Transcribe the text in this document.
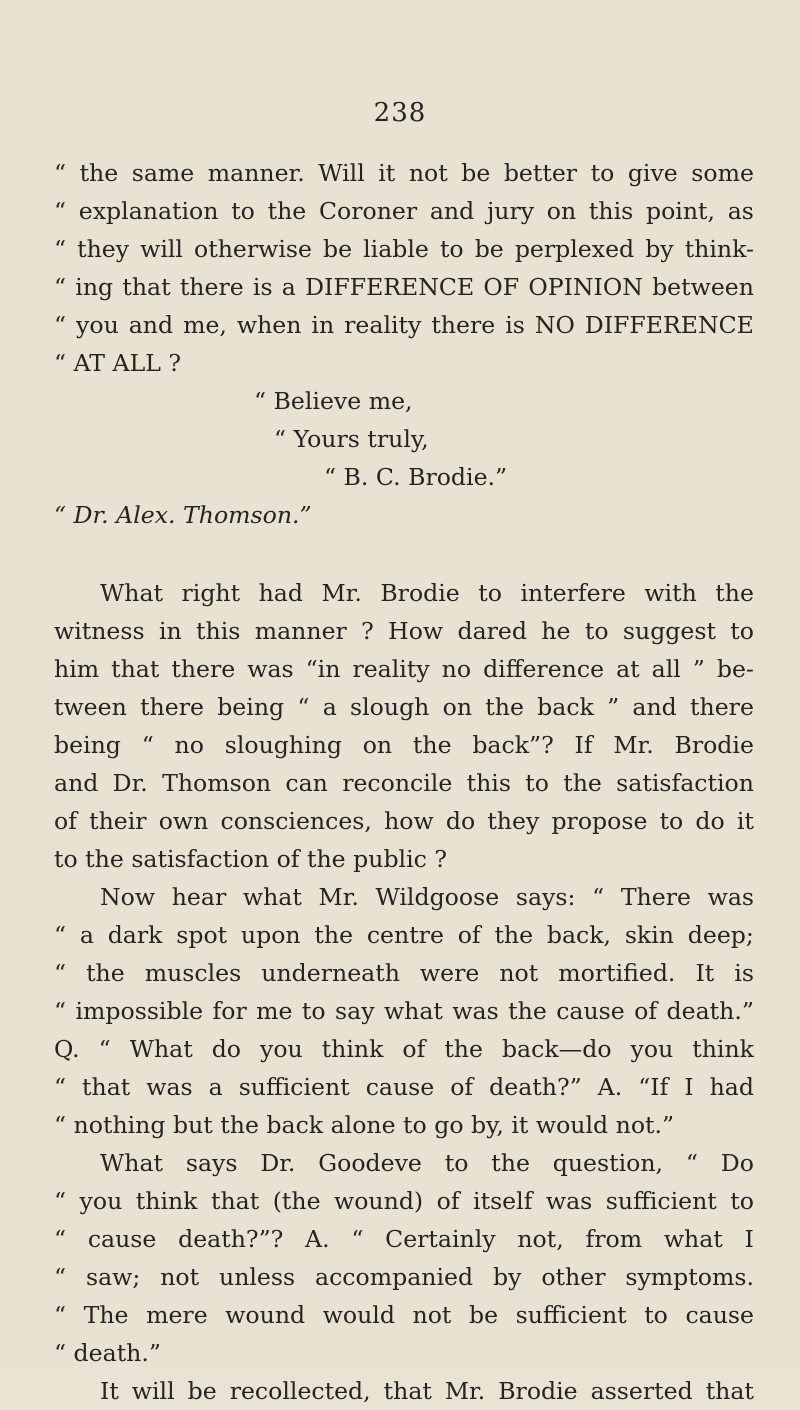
238
“ the same manner. Will it not be better to give some
“ explanation to the Coroner and jury on this point, as
“ they will otherwise be liable to be perplexed by think-
“ ing that there is a DIFFERENCE OF OPINION between
“ you and me, when in reality there is NO DIFFERENCE
“ AT ALL ?
“ Believe me,
“ Yours truly,
“ B. C. Brodie.”
“ Dr. Alex. Thomson.”
What right had Mr. Brodie to interfere with the
witness in this manner ? How dared he to suggest to
him that there was “in reality no difference at all ” be-
tween there being “ a slough on the back ” and there
being “ no sloughing on the back”? If Mr. Brodie
and Dr. Thomson can reconcile this to the satisfaction
of their own consciences, how do they propose to do it
to the satisfaction of the public ?
Now hear what Mr. Wildgoose says: “ There was
“ a dark spot upon the centre of the back, skin deep;
“ the muscles underneath were not mortified. It is
“ impossible for me to say what was the cause of death.”
Q. “ What do you think of the back—do you think
“ that was a sufficient cause of death?” A. “If I had
“ nothing but the back alone to go by, it would not.”
What says Dr. Goodeve to the question, “ Do
“ you think that (the wound) of itself was sufficient to
“ cause death?”? A. “ Certainly not, from what I
“ saw; not unless accompanied by other symptoms.
“ The mere wound would not be sufficient to cause
“ death.”
It will be recollected, that Mr. Brodie asserted that
